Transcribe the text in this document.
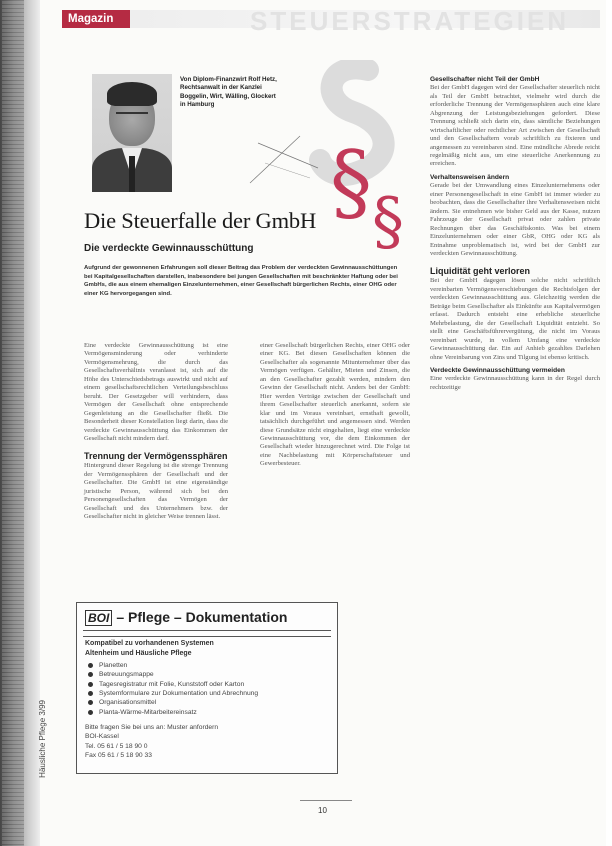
STEUERSTRATEGIEN
Magazin
Häusliche Pflege 3/99
Von Diplom-Finanzwirt Rolf Hetz, Rechtsanwalt in der Kanzlei Boggelin, Wirt, Wälling, Glockert in Hamburg
§ §
Die Steuerfalle der GmbH
Die verdeckte Gewinnausschüttung
Aufgrund der gewonnenen Erfahrungen soll dieser Beitrag das Problem der verdeckten Gewinnausschüttungen bei Kapitalgesellschaften darstellen, insbesondere bei jungen Gesellschaften mit beschränkter Haftung oder bei GmbHs, die aus einem ehemaligen Einzelunternehmen, einer Gesellschaft bürgerlichen Rechts, einer OHG oder einer KG hervorgegangen sind.

Eine verdeckte Gewinnausschüttung ist eine Vermögensminderung oder verhinderte Vermögensmehrung, die durch das Gesellschaftsverhältnis veranlasst ist, sich auf die Höhe des Unterschiedsbetrags auswirkt und nicht auf einem gesellschaftsrechtlichen Verteilungsbeschluss beruht. Der Gesetzgeber will verhindern, dass Vermögen der Gesellschaft ohne entsprechende Gegenleistung an die Gesellschafter fließt. Die Besonderheit dieser Konstellation liegt darin, dass die verdeckte Gewinnausschüttung das Einkommen der Gesellschaft nicht mindern darf.

Trennung der Vermögenssphären

Hintergrund dieser Regelung ist die strenge Trennung der Vermögenssphären der Gesellschaft und der Gesellschafter. Die GmbH ist eine eigenständige juristische Person, während sich bei den Personengesellschaften das Vermögen der Gesellschaft und des Unternehmers bzw. der Gesellschafter nicht in gleicher Weise trennen lässt.

einer Gesellschaft bürgerlichen Rechts, einer OHG oder einer KG. Bei diesen Gesellschaften können die Gesellschafter als sogenannte Mitunternehmer über das Vermögen verfügen. Gehälter, Mieten und Zinsen, die an den Gesellschafter gezahlt werden, mindern den Gewinn der Gesellschaft nicht. Anders bei der GmbH: Hier werden Verträge zwischen der Gesellschaft und ihrem Gesellschafter steuerlich anerkannt, sofern sie klar und im Voraus vereinbart, ernsthaft gewollt, tatsächlich durchgeführt und angemessen sind. Werden diese Grundsätze nicht eingehalten, liegt eine verdeckte Gewinnausschüttung vor, die dem Einkommen der Gesellschaft wieder hinzugerechnet wird. Die Folge ist eine Nachbelastung mit Körperschaftsteuer und Gewerbesteuer.

Gesellschafter nicht Teil der GmbH

Bei der GmbH dagegen wird der Gesellschafter steuerlich nicht als Teil der GmbH betrachtet, vielmehr wird durch die erforderliche Trennung der Vermögenssphären auch eine klare Abgrenzung der Leistungsbeziehungen gefordert. Diese Trennung schließt sich darin ein, dass sämtliche Beziehungen wirtschaftlicher oder rechtlicher Art zwischen der Gesellschaft und den Gesellschaftern vorab schriftlich zu fixieren und angemessen zu vereinbaren sind. Eine mündliche Abrede reicht regelmäßig nicht aus, um eine steuerliche Anerkennung zu erreichen.

Verhaltensweisen ändern

Gerade bei der Umwandlung eines Einzelunternehmens oder einer Personengesellschaft in eine GmbH ist immer wieder zu beobachten, dass die Gesellschafter ihre Verhaltensweisen nicht ändern. Sie entnehmen wie bisher Geld aus der Kasse, nutzen Fahrzeuge der Gesellschaft privat oder zahlen private Rechnungen über das Geschäftskonto. Was bei einem Einzelunternehmen oder einer GbR, OHG oder KG als Entnahme unproblematisch ist, wird bei der GmbH zur verdeckten Gewinnausschüttung.

Liquidität geht verloren

Bei der GmbH dagegen lösen solche nicht schriftlich vereinbarten Vermögensverschiebungen die Rechtsfolgen der verdeckten Gewinnausschüttung aus. Gleichzeitig werden die Beträge beim Gesellschafter als Einkünfte aus Kapitalvermögen erfasst. Dadurch entsteht eine erhebliche steuerliche Mehrbelastung, die der Gesellschaft Liquidität entzieht. So stellt eine Geschäftsführervergütung, die nicht im Voraus vereinbart wurde, in vollem Umfang eine verdeckte Gewinnausschüttung dar. Ein auf Anhieb gezahltes Darlehen ohne Vereinbarung von Zins und Tilgung ist ebenso kritisch.

Verdeckte Gewinnausschüttung vermeiden

Eine verdeckte Gewinnausschüttung kann in der Regel durch rechtzeitige

BOI – Pflege – Dokumentation
Kompatibel zu vorhandenen Systemen
Altenheim und Häusliche Pflege
Planetten
Betreuungsmappe
Tagesregistratur mit Folie, Kunststoff oder Karton
Systemformulare zur Dokumentation und Abrechnung
Organisationsmittel
Planta-Wärme-Mitarbeitereinsatz
Bitte fragen Sie bei uns an: Muster anfordern
BOI-Kassel
Tel. 05 61 / 5 18 90 0
Fax 05 61 / 5 18 90 33
10
